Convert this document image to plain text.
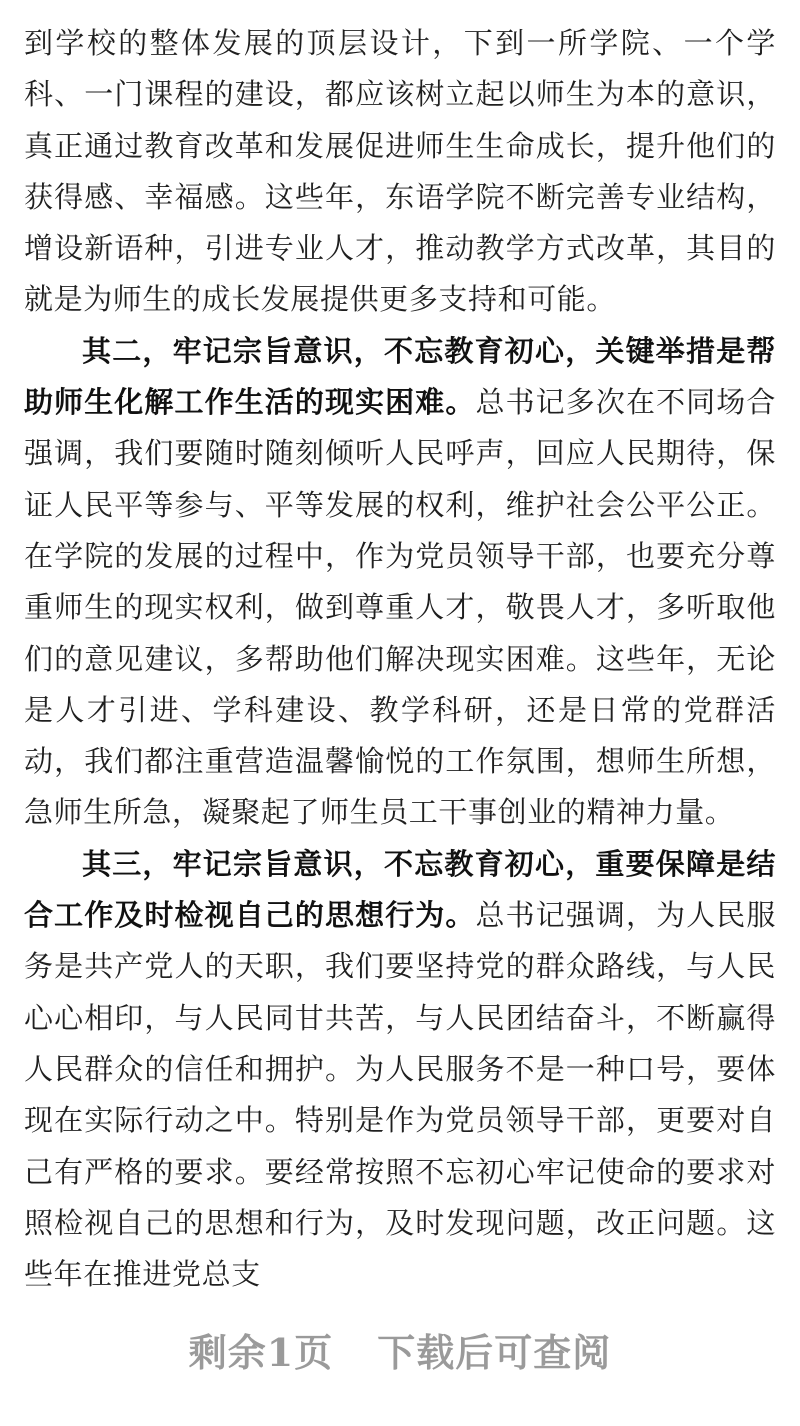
到学校的整体发展的顶层设计，下到一所学院、一个学科、一门课程的建设，都应该树立起以师生为本的意识，真正通过教育改革和发展促进师生生命成长，提升他们的获得感、幸福感。这些年，东语学院不断完善专业结构，增设新语种，引进专业人才，推动教学方式改革，其目的就是为师生的成长发展提供更多支持和可能。

其二，牢记宗旨意识，不忘教育初心，关键举措是帮助师生化解工作生活的现实困难。总书记多次在不同场合强调，我们要随时随刻倾听人民呼声，回应人民期待，保证人民平等参与、平等发展的权利，维护社会公平公正。在学院的发展的过程中，作为党员领导干部，也要充分尊重师生的现实权利，做到尊重人才，敬畏人才，多听取他们的意见建议，多帮助他们解决现实困难。这些年，无论是人才引进、学科建设、教学科研，还是日常的党群活动，我们都注重营造温馨愉悦的工作氛围，想师生所想，急师生所急，凝聚起了师生员工干事创业的精神力量。

其三，牢记宗旨意识，不忘教育初心，重要保障是结合工作及时检视自己的思想行为。总书记强调，为人民服务是共产党人的天职，我们要坚持党的群众路线，与人民心心相印，与人民同甘共苦，与人民团结奋斗，不断赢得人民群众的信任和拥护。为人民服务不是一种口号，要体现在实际行动之中。特别是作为党员领导干部，更要对自己有严格的要求。要经常按照不忘初心牢记使命的要求对照检视自己的思想和行为，及时发现问题，改正问题。这些年在推进党总支

剩余1页 下载后可查阅
